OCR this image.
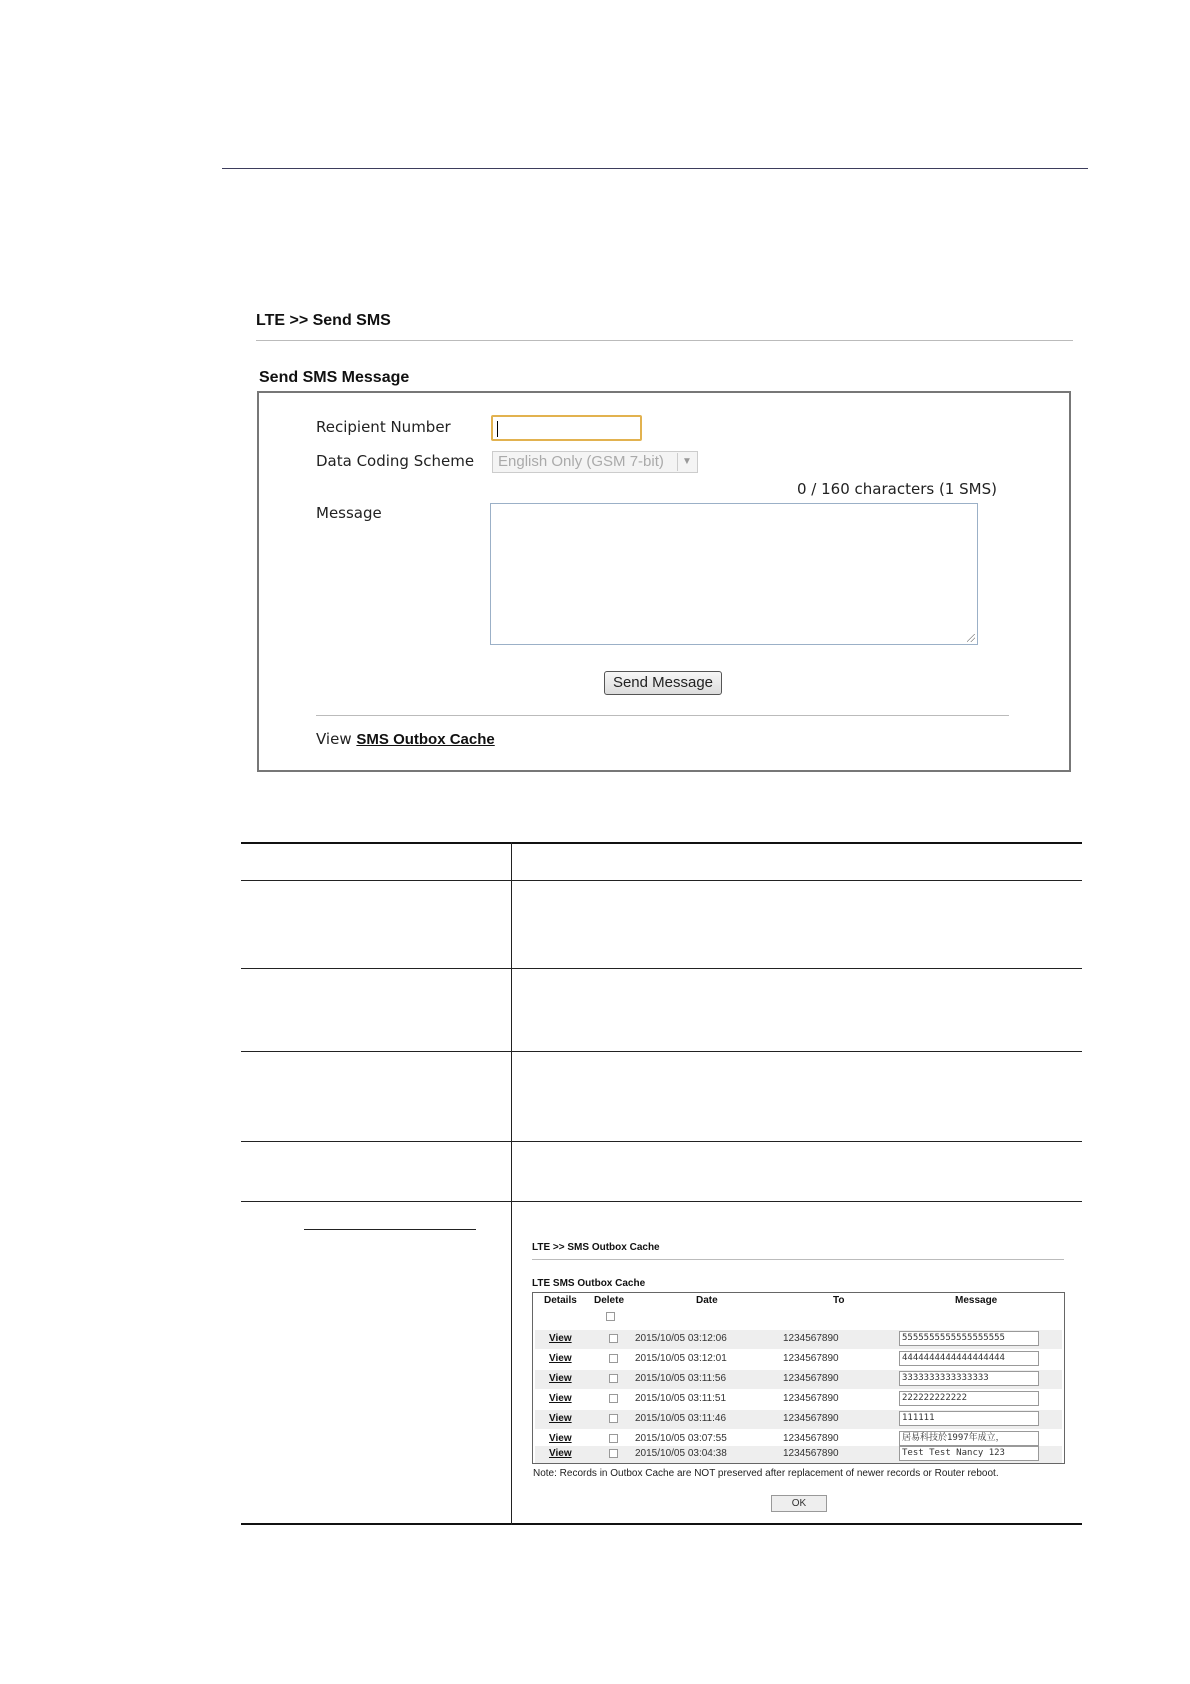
LTE >> Send SMS
Send SMS Message
Recipient Number
Data Coding Scheme	English Only (GSM 7-bit)	▼
0 / 160 characters (1 SMS)
Message
Send Message
View SMS Outbox Cache
LTE >> SMS Outbox Cache
LTE SMS Outbox Cache
Details Delete	Date	To	Message
View	2015/10/05 03:12:06	1234567890	5555555555555555555
View	2015/10/05 03:12:01	1234567890	4444444444444444444
View	2015/10/05 03:11:56	1234567890	3333333333333333
View	2015/10/05 03:11:51	1234567890	222222222222
View	2015/10/05 03:11:46	1234567890	111111
View	2015/10/05 03:07:55	1234567890	居易科技於1997年成立，
View	2015/10/05 03:04:38	1234567890	Test Test Nancy 123
Note: Records in Outbox Cache are NOT preserved after replacement of newer records or Router reboot.
OK
